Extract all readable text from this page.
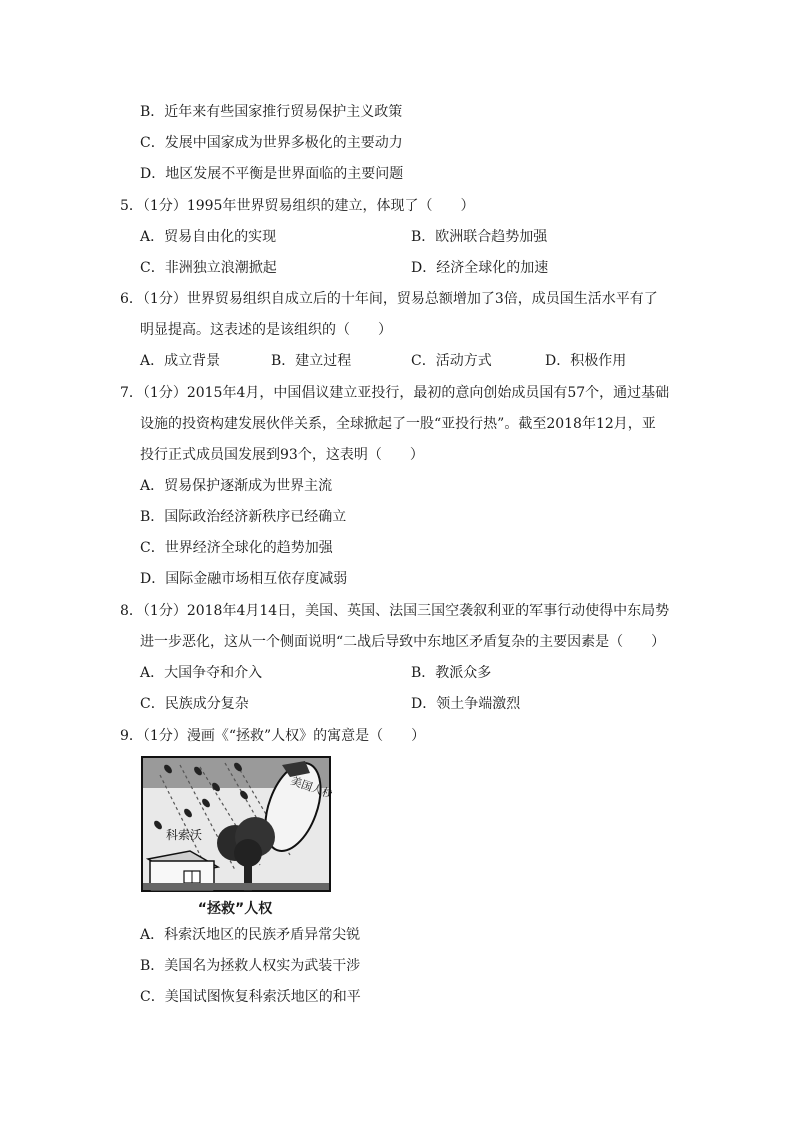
B．近年来有些国家推行贸易保护主义政策
C．发展中国家成为世界多极化的主要动力
D．地区发展不平衡是世界面临的主要问题
5．（1分）1995年世界贸易组织的建立，体现了（　　）
A．贸易自由化的实现	B．欧洲联合趋势加强
C．非洲独立浪潮掀起	D．经济全球化的加速
6．（1分）世界贸易组织自成立后的十年间，贸易总额增加了3倍，成员国生活水平有了
明显提高。这表述的是该组织的（　　）
A．成立背景	B．建立过程	C．活动方式	D．积极作用
7．（1分）2015年4月，中国倡议建立亚投行，最初的意向创始成员国有57个，通过基础
设施的投资构建发展伙伴关系，全球掀起了一股“亚投行热”。截至2018年12月，亚
投行正式成员国发展到93个，这表明（　　）
A．贸易保护逐渐成为世界主流
B．国际政治经济新秩序已经确立
C．世界经济全球化的趋势加强
D．国际金融市场相互依存度减弱
8．（1分）2018年4月14日，美国、英国、法国三国空袭叙利亚的军事行动使得中东局势
进一步恶化，这从一个侧面说明“二战后导致中东地区矛盾复杂的主要因素是（　　）
A．大国争夺和介入	B．教派众多
C．民族成分复杂	D．领土争端激烈
9．（1分）漫画《“拯救”人权》的寓意是（　　）
科索沃
美国人权
“拯救”人权
A．科索沃地区的民族矛盾异常尖锐
B．美国名为拯救人权实为武装干涉
C．美国试图恢复科索沃地区的和平
